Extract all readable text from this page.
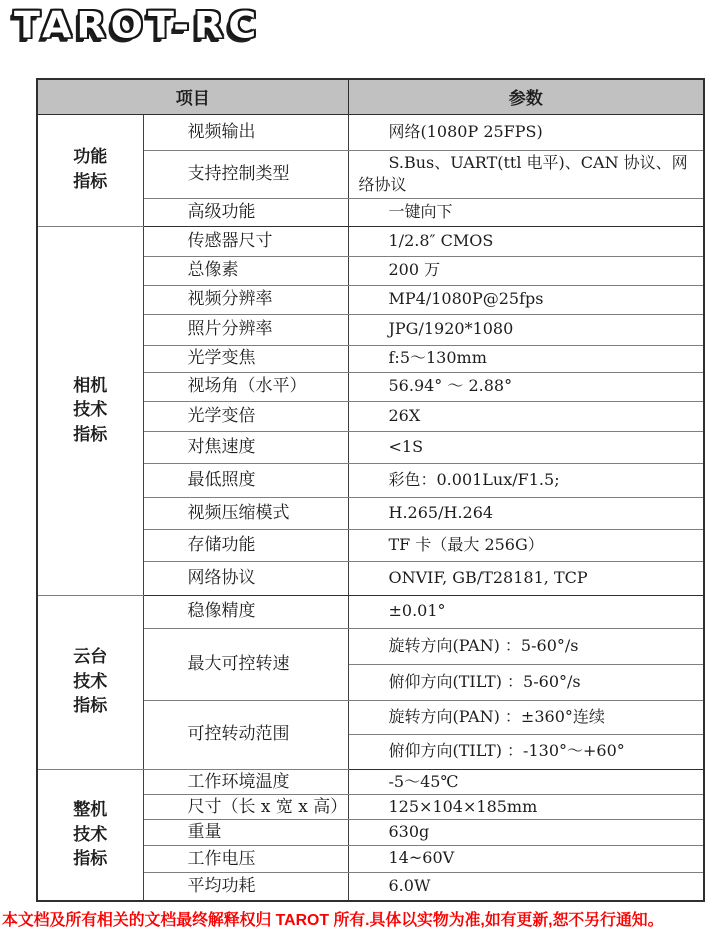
TAROT-RC
项目		参数

功能
指标	视频输出	网络(1080P 25FPS)
	支持控制类型	S.Bus、UART(ttl 电平)、CAN 协议、网络协议
	高级功能	一键向下

相机
技术
指标	传感器尺寸	1/2.8″ CMOS
	总像素	200 万
	视频分辨率	MP4/1080P@25fps
	照片分辨率	JPG/1920*1080
	光学变焦	f:5～130mm
	视场角（水平）	56.94° ～ 2.88°
	光学变倍	26X
	对焦速度	<1S
	最低照度	彩色：0.001Lux/F1.5;
	视频压缩模式	H.265/H.264
	存储功能	TF 卡（最大 256G）
	网络协议	ONVIF, GB/T28181, TCP

云台
技术
指标	稳像精度	±0.01°
	最大可控转速	旋转方向(PAN) ：5-60°/s
		俯仰方向(TILT) ：5-60°/s
	可控转动范围	旋转方向(PAN) ：±360°连续
		俯仰方向(TILT) ：-130°～+60°

整机
技术
指标	工作环境温度	-5～45℃
	尺寸（长 x 宽 x 高）	125×104×185mm
	重量	630g
	工作电压	14~60V
	平均功耗	6.0W
本文档及所有相关的文档最终解释权归 TAROT 所有.具体以实物为准,如有更新,恕不另行通知。
